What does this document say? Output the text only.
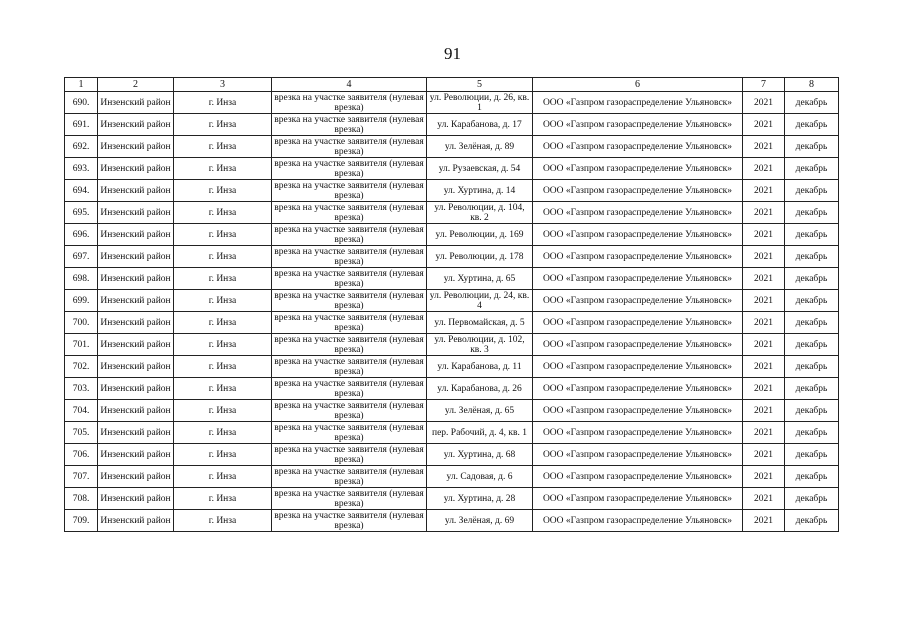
91
1	2	3	4	5	6	7	8
690.	Инзенский район	г. Инза	врезка на участке заявителя (нулевая врезка)	ул. Революции, д. 26, кв. 1	ООО «Газпром газораспределение Ульяновск»	2021	декабрь
691.	Инзенский район	г. Инза	врезка на участке заявителя (нулевая врезка)	ул. Карабанова, д. 17	ООО «Газпром газораспределение Ульяновск»	2021	декабрь
692.	Инзенский район	г. Инза	врезка на участке заявителя (нулевая врезка)	ул. Зелёная, д. 89	ООО «Газпром газораспределение Ульяновск»	2021	декабрь
693.	Инзенский район	г. Инза	врезка на участке заявителя (нулевая врезка)	ул. Рузаевская, д. 54	ООО «Газпром газораспределение Ульяновск»	2021	декабрь
694.	Инзенский район	г. Инза	врезка на участке заявителя (нулевая врезка)	ул. Хуртина, д. 14	ООО «Газпром газораспределение Ульяновск»	2021	декабрь
695.	Инзенский район	г. Инза	врезка на участке заявителя (нулевая врезка)	ул. Революции, д. 104, кв. 2	ООО «Газпром газораспределение Ульяновск»	2021	декабрь
696.	Инзенский район	г. Инза	врезка на участке заявителя (нулевая врезка)	ул. Революции, д. 169	ООО «Газпром газораспределение Ульяновск»	2021	декабрь
697.	Инзенский район	г. Инза	врезка на участке заявителя (нулевая врезка)	ул. Революции, д. 178	ООО «Газпром газораспределение Ульяновск»	2021	декабрь
698.	Инзенский район	г. Инза	врезка на участке заявителя (нулевая врезка)	ул. Хуртина, д. 65	ООО «Газпром газораспределение Ульяновск»	2021	декабрь
699.	Инзенский район	г. Инза	врезка на участке заявителя (нулевая врезка)	ул. Революции, д. 24, кв. 4	ООО «Газпром газораспределение Ульяновск»	2021	декабрь
700.	Инзенский район	г. Инза	врезка на участке заявителя (нулевая врезка)	ул. Первомайская, д. 5	ООО «Газпром газораспределение Ульяновск»	2021	декабрь
701.	Инзенский район	г. Инза	врезка на участке заявителя (нулевая врезка)	ул. Революции, д. 102, кв. 3	ООО «Газпром газораспределение Ульяновск»	2021	декабрь
702.	Инзенский район	г. Инза	врезка на участке заявителя (нулевая врезка)	ул. Карабанова, д. 11	ООО «Газпром газораспределение Ульяновск»	2021	декабрь
703.	Инзенский район	г. Инза	врезка на участке заявителя (нулевая врезка)	ул. Карабанова, д. 26	ООО «Газпром газораспределение Ульяновск»	2021	декабрь
704.	Инзенский район	г. Инза	врезка на участке заявителя (нулевая врезка)	ул. Зелёная, д. 65	ООО «Газпром газораспределение Ульяновск»	2021	декабрь
705.	Инзенский район	г. Инза	врезка на участке заявителя (нулевая врезка)	пер. Рабочий, д. 4, кв. 1	ООО «Газпром газораспределение Ульяновск»	2021	декабрь
706.	Инзенский район	г. Инза	врезка на участке заявителя (нулевая врезка)	ул. Хуртина, д. 68	ООО «Газпром газораспределение Ульяновск»	2021	декабрь
707.	Инзенский район	г. Инза	врезка на участке заявителя (нулевая врезка)	ул. Садовая, д. 6	ООО «Газпром газораспределение Ульяновск»	2021	декабрь
708.	Инзенский район	г. Инза	врезка на участке заявителя (нулевая врезка)	ул. Хуртина, д. 28	ООО «Газпром газораспределение Ульяновск»	2021	декабрь
709.	Инзенский район	г. Инза	врезка на участке заявителя (нулевая врезка)	ул. Зелёная, д. 69	ООО «Газпром газораспределение Ульяновск»	2021	декабрь
